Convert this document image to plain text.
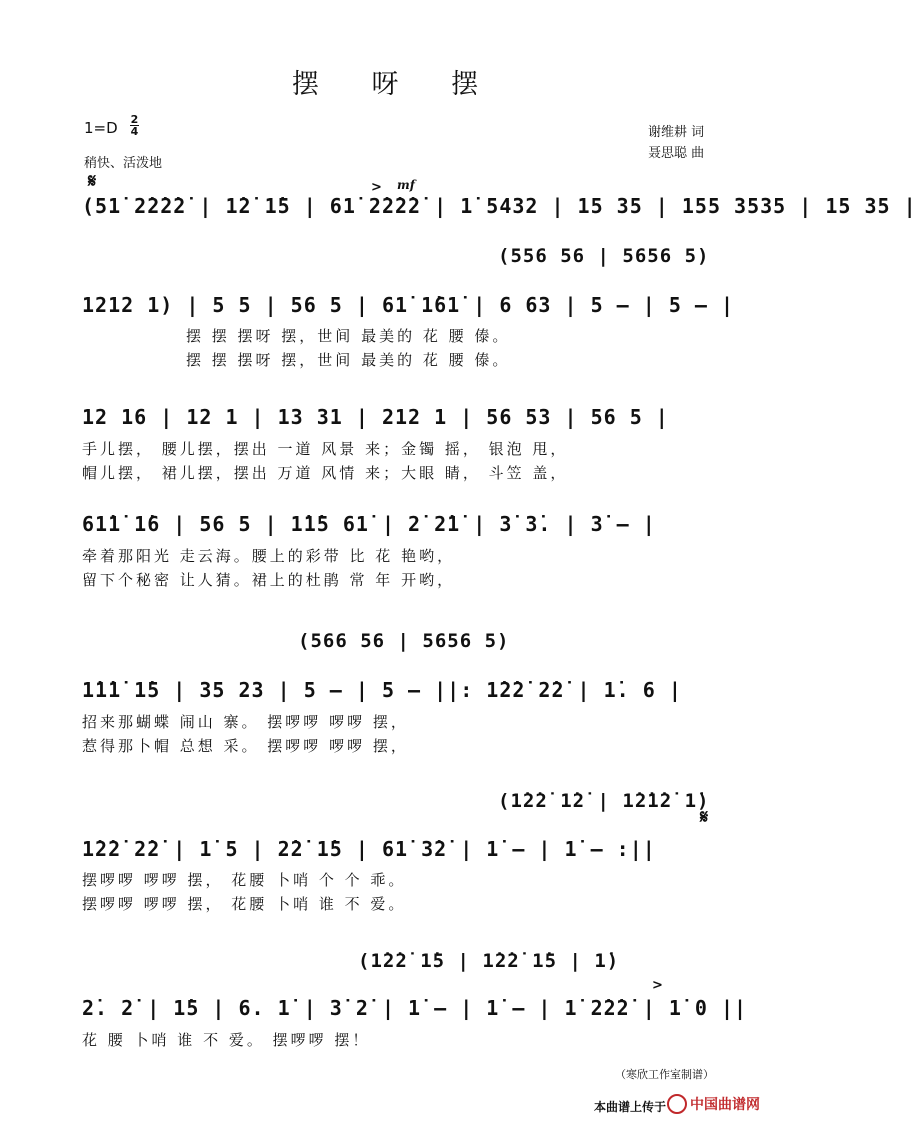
摆 呀 摆
1=D 2
4
稍快、活泼地
谢维耕 词
聂思聪 曲
𝄋	mf
>
(51̇ 2̇2̇2̇2̇ | 1̇2̇ 1̇5 | 61̇ 2̇2̇2̇2̇ | 1̇ 5432 | 15 35 | 155 3535 | 15 35 |
(556 56 | 5656 5)
1212 1) | 5 5 | 56 5 | 61̇ 1̇61̇ | 6 63 | 5 – | 5 – |
摆 摆 摆呀 摆，世间 最美的 花 腰 傣。
摆 摆 摆呀 摆，世间 最美的 花 腰 傣。
12 16 | 12 1 | 13 31 | 212 1 | 56 53 | 56 5 |
手儿摆， 腰儿摆，摆出 一道 风景 来；金镯 摇， 银泡 甩，
帽儿摆， 裙儿摆，摆出 万道 风情 来；大眼 睛， 斗笠 盖，
61̇1̇ 1̇6 | 56 5 | 1̇1̇5 61̇ | 2̇ 2̇1̇ | 3̇ 3̇. | 3̇ – |
牵着那阳光 走云海。腰上的彩带 比 花 艳哟，
留下个秘密 让人猜。裙上的杜鹃 常 年 开哟，
(566 56 | 5656 5)
1̇1̇1̇ 1̇5 | 35 23 | 5 – | 5 – ||: 1̇2̇2̇ 2̇2̇ | 1̇. 6 |
招来那蝴蝶 闹山 寨。 摆啰啰 啰啰 摆，
惹得那卜帽 总想 采。 摆啰啰 啰啰 摆，
(1̇2̇2̇ 1̇2̇ | 1̇2̇1̇2̇ 1̇)
𝄋
1̇2̇2̇ 2̇2̇ | 1̇ 5 | 2̇2̇ 1̇5 | 61̇ 3̇2̇ | 1̇ – | 1̇ – :||
摆啰啰 啰啰 摆， 花腰 卜哨 个 个 乖。
摆啰啰 啰啰 摆， 花腰 卜哨 谁 不 爱。
(1̇2̇2̇ 1̇5 | 1̇2̇2̇ 1̇5 | 1̇)
>
2̇. 2̇ | 1̇5 | 6. 1̇ | 3̇ 2̇ | 1̇ – | 1̇ – | 1̇ 2̇2̇2̇ | 1̇ 0 ||
花 腰 卜哨 谁 不 爱。 摆啰啰 摆！
（寒欣工作室制谱）
本曲谱上传于	中国曲谱网
